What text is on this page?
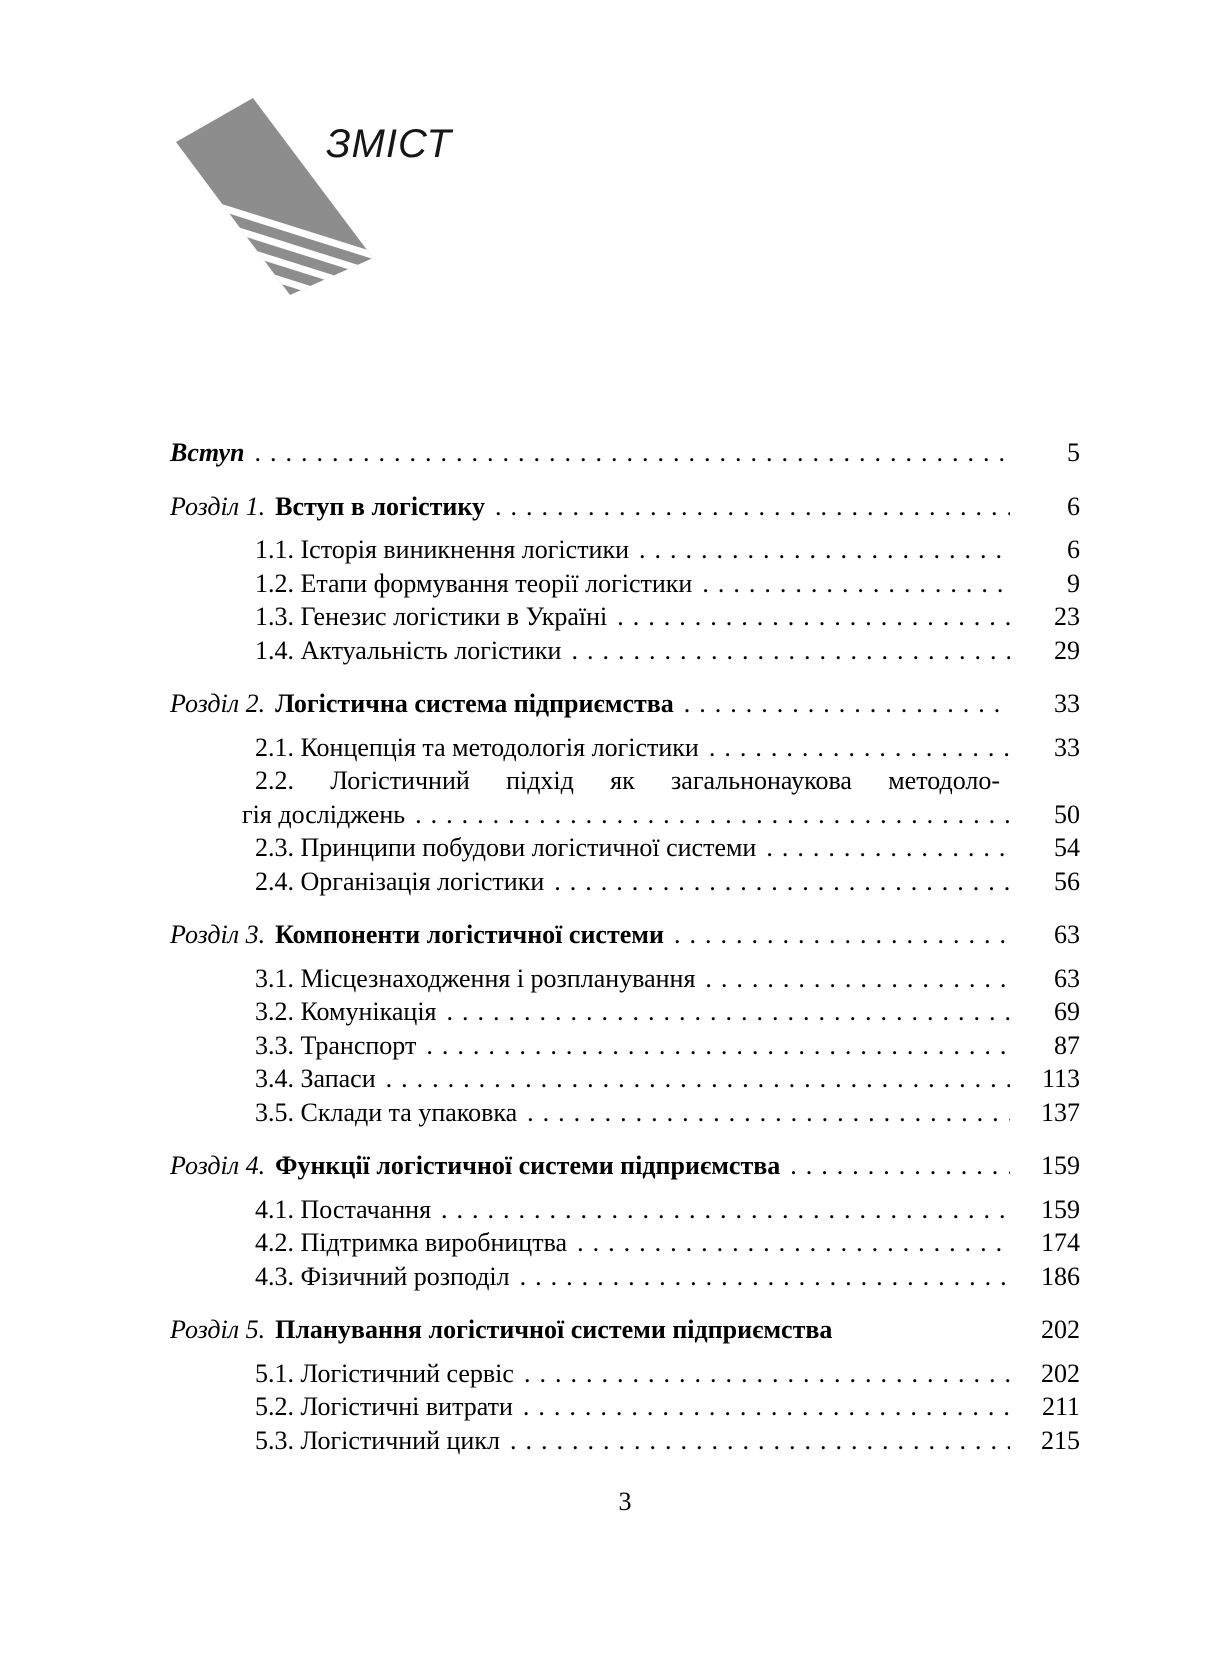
ЗМІСТ
Вступ .....	5
Розділ 1. Вступ в логістику .....	6
1.1. Історія виникнення логістики .....	6
1.2. Етапи формування теорії логістики .....	9
1.3. Генезис логістики в Україні .....	23
1.4. Актуальність логістики .....	29
Розділ 2. Логістична система підприємства .....	33
2.1. Концепція та методологія логістики .....	33
2.2. Логістичний підхід як загальнонаукова методоло-
гія досліджень .....	50
2.3. Принципи побудови логістичної системи .....	54
2.4. Організація логістики .....	56
Розділ 3. Компоненти логістичної системи .....	63
3.1. Місцезнаходження і розпланування .....	63
3.2. Комунікація .....	69
3.3. Транспорт .....	87
3.4. Запаси .....	113
3.5. Склади та упаковка .....	137
Розділ 4. Функції логістичної системи підприємства .....	159
4.1. Постачання .....	159
4.2. Підтримка виробництва .....	174
4.3. Фізичний розподіл .....	186
Розділ 5. Планування логістичної системи підприємства	202
5.1. Логістичний сервіс .....	202
5.2. Логістичні витрати .....	211
5.3. Логістичний цикл .....	215
3
